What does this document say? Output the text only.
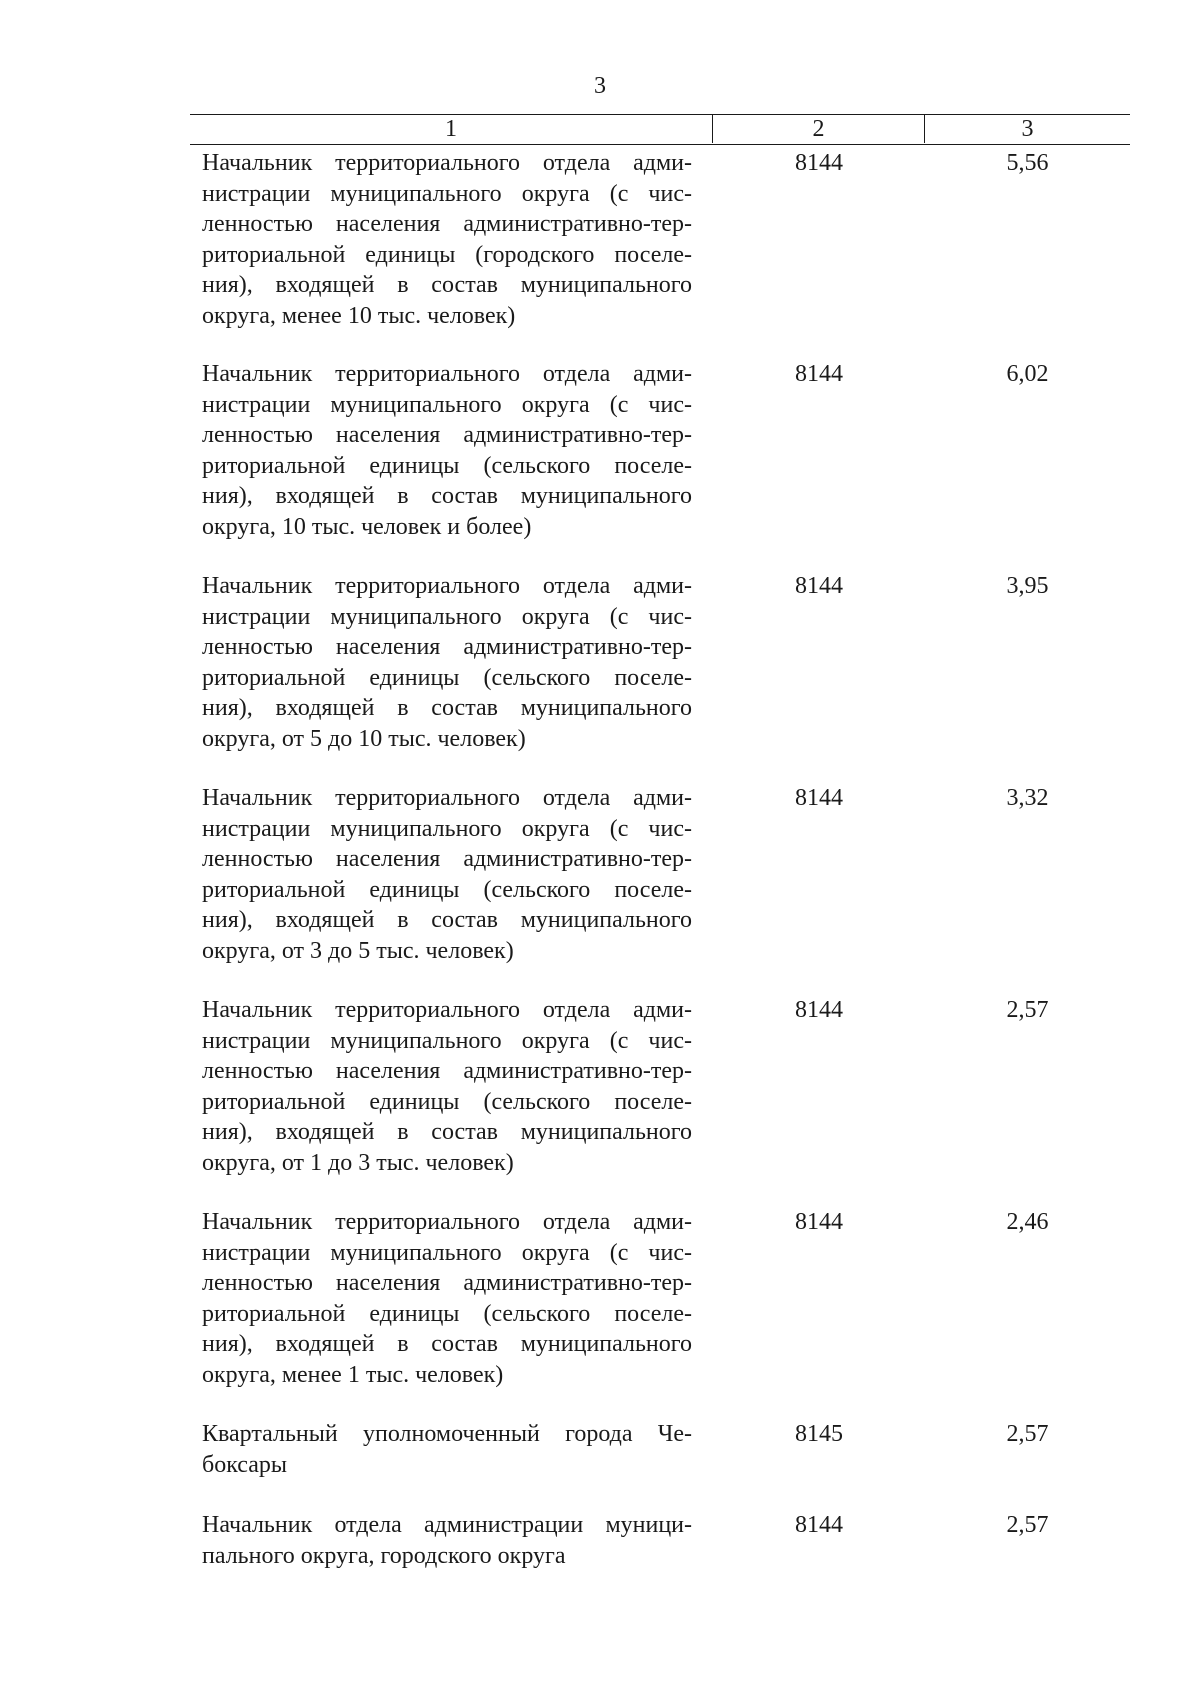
3
1	2	3
Начальник территориального отдела адми-
нистрации муниципального округа (с чис-
ленностью населения административно-тер-
риториальной единицы (городского поселе-
ния), входящей в состав муниципального
округа, менее 10 тыс. человек)
8144	5,56
Начальник территориального отдела адми-
нистрации муниципального округа (с чис-
ленностью населения административно-тер-
риториальной единицы (сельского поселе-
ния), входящей в состав муниципального
округа, 10 тыс. человек и более)
8144	6,02
Начальник территориального отдела адми-
нистрации муниципального округа (с чис-
ленностью населения административно-тер-
риториальной единицы (сельского поселе-
ния), входящей в состав муниципального
округа, от 5 до 10 тыс. человек)
8144	3,95
Начальник территориального отдела адми-
нистрации муниципального округа (с чис-
ленностью населения административно-тер-
риториальной единицы (сельского поселе-
ния), входящей в состав муниципального
округа, от 3 до 5 тыс. человек)
8144	3,32
Начальник территориального отдела адми-
нистрации муниципального округа (с чис-
ленностью населения административно-тер-
риториальной единицы (сельского поселе-
ния), входящей в состав муниципального
округа, от 1 до 3 тыс. человек)
8144	2,57
Начальник территориального отдела адми-
нистрации муниципального округа (с чис-
ленностью населения административно-тер-
риториальной единицы (сельского поселе-
ния), входящей в состав муниципального
округа, менее 1 тыс. человек)
8144	2,46
Квартальный уполномоченный города Че-
боксары
8145	2,57
Начальник отдела администрации муници-
пального округа, городского округа
8144	2,57
